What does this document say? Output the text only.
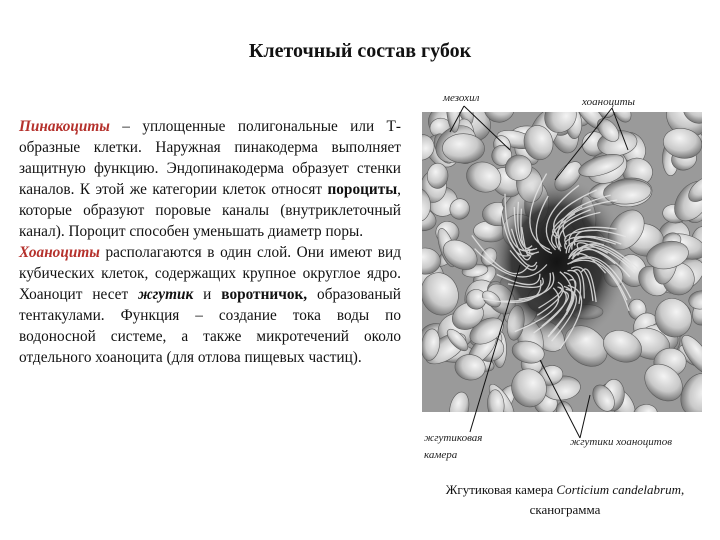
Клеточный состав губок

Пинакоциты – уплощенные полигональные или Т-образные клетки. Наружная пинакодерма выполняет защитную функцию. Эндопинакодерма образует стенки каналов. К этой же категории клеток относят пороциты, которые образуют поровые каналы (внутриклеточный канал). Пороцит способен уменьшать диаметр поры.

Хоаноциты располагаются в один слой. Они имеют вид кубических клеток, содержащих крупное округлое ядро. Хоаноцит несет жгутик и воротничок, образованый тентакулами. Функция – создание тока воды по водоносной системе, а также микротечений около отдельного хоаноцита (для отлова пищевых частиц).

мезохил	хоаноциты
жгутиковая камера
жгутики хоаноцитов
Жгутиковая камера Corticium candelabrum, сканограмма
